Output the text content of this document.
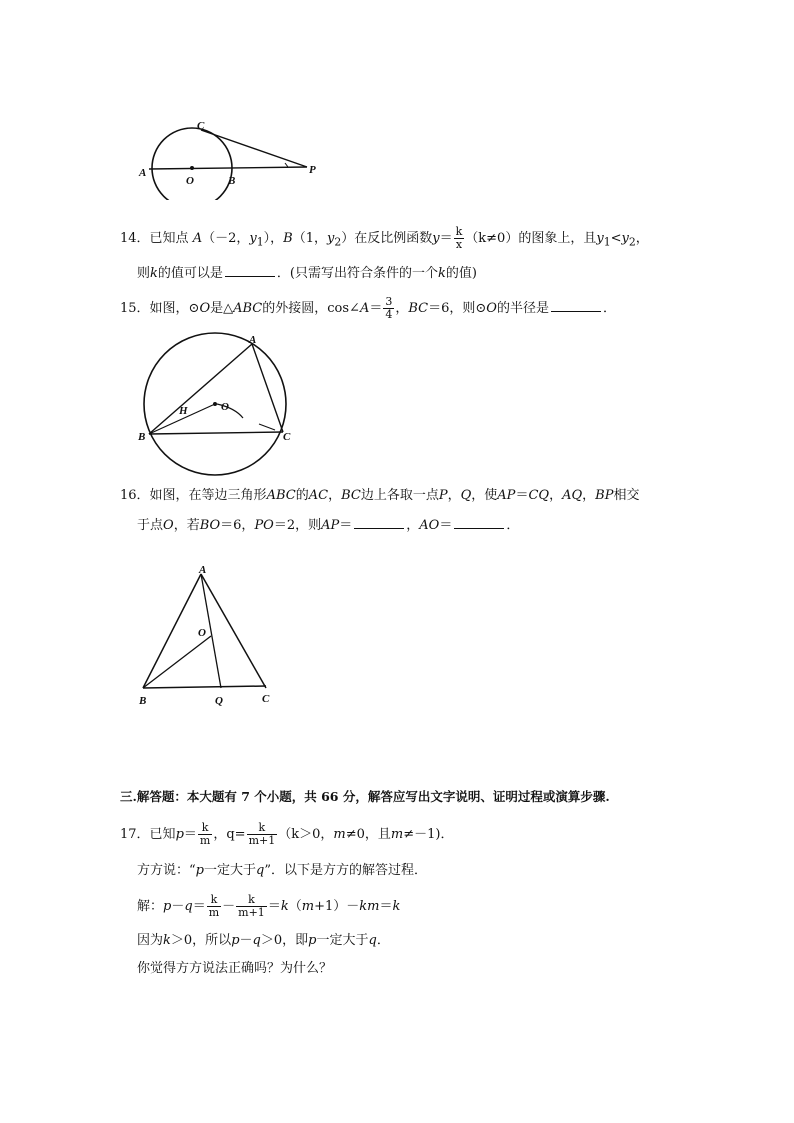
A
O	B
C
P
14．已知点 A（－2，$y_1$），B（1，$y_2$）在反比例函数$y= \frac{k}{x} (k\ne 0)$的图象上，且$y_1<y_2$，
则k的值可以是	．(只需写出符合条件的一个k的值)
15．如图，⊙O是△ABC的外接圆，cos∠A＝ $\frac{3}{4}$ ，BC＝6，则⊙O的半径是	．
A
O
B	C
H
16．如图，在等边三角形ABC的AC，BC边上各取一点P，Q，使AP＝CQ，AQ，BP相交
于点O，若BO＝6，PO＝2，则AP＝	，AO＝	．
A
O
B	Q	C
三.解答题：本大题有 7 个小题，共 66 分，解答应写出文字说明、证明过程或演算步骤.
17．已知$p= \frac{k}{m}$ ，$q= \frac{k}{m+1} (k>0$，m≠0，且m≠－1)．
方方说：“p一定大于q”．以下是方方的解答过程．
解：$p-q= \frac{k}{m} - \frac{k}{m+1} =k(m+1)-km=k$
因为k＞0，所以p－q＞0，即p一定大于q．
你觉得方方说法正确吗？为什么？
